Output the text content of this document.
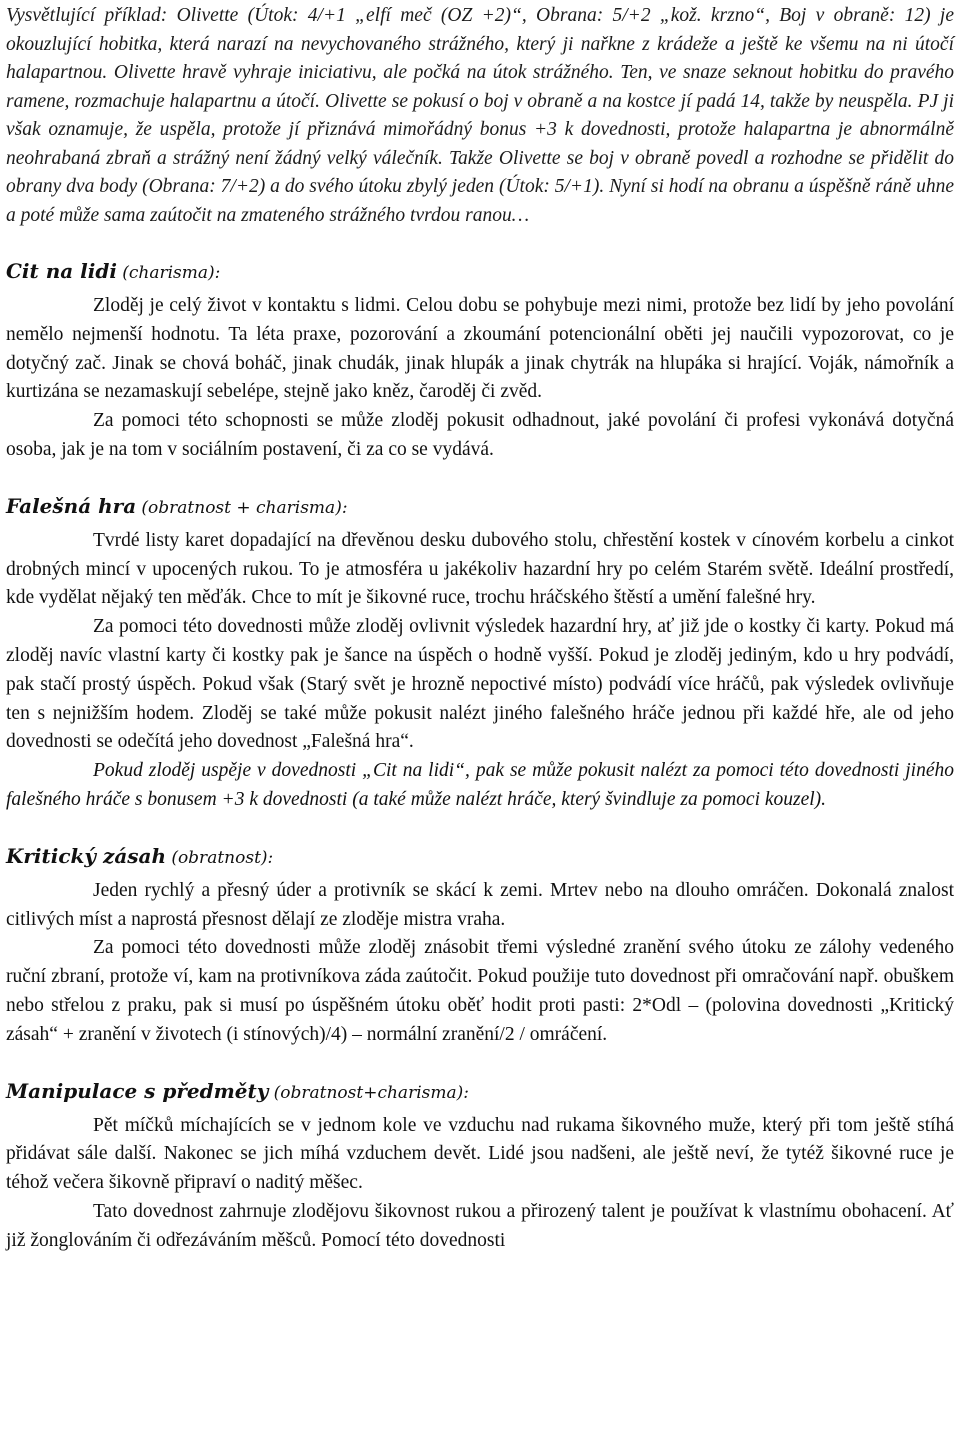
Vysvětlující příklad: Olivette (Útok: 4/+1 „elfí meč (OZ +2)“, Obrana: 5/+2 „kož. krzno“, Boj v obraně: 12) je okouzlující hobitka, která narazí na nevychovaného strážného, který ji nařkne z krádeže a ještě ke všemu na ni útočí halapartnou. Olivette hravě vyhraje iniciativu, ale počká na útok strážného. Ten, ve snaze seknout hobitku do pravého ramene, rozmachuje halapartnu a útočí. Olivette se pokusí o boj v obraně a na kostce jí padá 14, takže by neuspěla. PJ ji však oznamuje, že uspěla, protože jí přiznává mimořádný bonus +3 k dovednosti, protože halapartna je abnormálně neohrabaná zbraň a strážný není žádný velký válečník. Takže Olivette se boj v obraně povedl a rozhodne se přidělit do obrany dva body (Obrana: 7/+2) a do svého útoku zbylý jeden (Útok: 5/+1). Nyní si hodí na obranu a úspěšně ráně uhne a poté může sama zaútočit na zmateného strážného tvrdou ranou…

Cit na lidi (charisma):

Zloděj je celý život v kontaktu s lidmi. Celou dobu se pohybuje mezi nimi, protože bez lidí by jeho povolání nemělo nejmenší hodnotu. Ta léta praxe, pozorování a zkoumání potencionální oběti jej naučili vypozorovat, co je dotyčný zač. Jinak se chová boháč, jinak chudák, jinak hlupák a jinak chytrák na hlupáka si hrající. Voják, námořník a kurtizána se nezamaskují sebelépe, stejně jako kněz, čaroděj či zvěd.

Za pomoci této schopnosti se může zloděj pokusit odhadnout, jaké povolání či profesi vykonává dotyčná osoba, jak je na tom v sociálním postavení, či za co se vydává.

Falešná hra (obratnost + charisma):

Tvrdé listy karet dopadající na dřevěnou desku dubového stolu, chřestění kostek v cínovém korbelu a cinkot drobných mincí v upocených rukou. To je atmosféra u jakékoliv hazardní hry po celém Starém světě. Ideální prostředí, kde vydělat nějaký ten měďák. Chce to mít je šikovné ruce, trochu hráčského štěstí a umění falešné hry.

Za pomoci této dovednosti může zloděj ovlivnit výsledek hazardní hry, ať již jde o kostky či karty. Pokud má zloděj navíc vlastní karty či kostky pak je šance na úspěch o hodně vyšší. Pokud je zloděj jediným, kdo u hry podvádí, pak stačí prostý úspěch. Pokud však (Starý svět je hrozně nepoctivé místo) podvádí více hráčů, pak výsledek ovlivňuje ten s nejnižším hodem. Zloděj se také může pokusit nalézt jiného falešného hráče jednou při každé hře, ale od jeho dovednosti se odečítá jeho dovednost „Falešná hra“.

Pokud zloděj uspěje v dovednosti „Cit na lidi“, pak se může pokusit nalézt za pomoci této dovednosti jiného falešného hráče s bonusem +3 k dovednosti (a také může nalézt hráče, který švindluje za pomoci kouzel).

Kritický zásah (obratnost):

Jeden rychlý a přesný úder a protivník se skácí k zemi. Mrtev nebo na dlouho omráčen. Dokonalá znalost citlivých míst a naprostá přesnost dělají ze zloděje mistra vraha.

Za pomoci této dovednosti může zloděj znásobit třemi výsledné zranění svého útoku ze zálohy vedeného ruční zbraní, protože ví, kam na protivníkova záda zaútočit. Pokud použije tuto dovednost při omračování např. obuškem nebo střelou z praku, pak si musí po úspěšném útoku oběť hodit proti pasti: 2*Odl – (polovina dovednosti „Kritický zásah“ + zranění v životech (i stínových)/4) – normální zranění/2 / omráčení.

Manipulace s předměty (obratnost+charisma):

Pět míčků míchajících se v jednom kole ve vzduchu nad rukama šikovného muže, který při tom ještě stíhá přidávat sále další. Nakonec se jich míhá vzduchem devět. Lidé jsou nadšeni, ale ještě neví, že tytéž šikovné ruce je téhož večera šikovně připraví o naditý měšec.

Tato dovednost zahrnuje zlodějovu šikovnost rukou a přirozený talent je používat k vlastnímu obohacení. Ať již žonglováním či odřezáváním měšců. Pomocí této dovednosti
